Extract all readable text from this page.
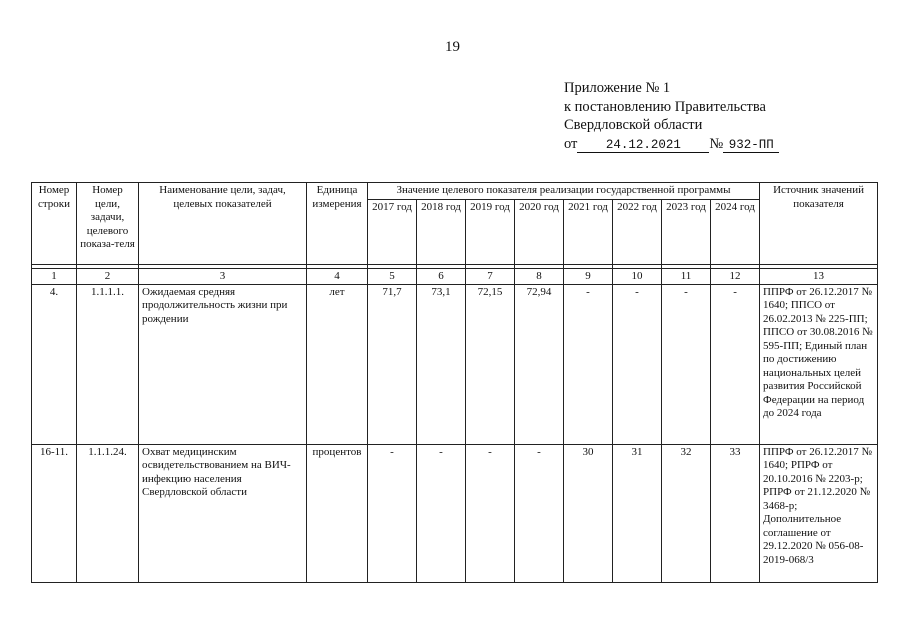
19
Приложение № 1
к постановлению Правительства
Свердловской области
от 24.12.2021 № 932-ПП
Номер строки	Номер цели, задачи, целевого показа-теля	Наименование цели, задач, целевых показателей	Единица измерения	Значение целевого показателя реализации государственной программы								Источник значений показателя
				2017 год	2018 год	2019 год	2020 год	2021 год	2022 год	2023 год	2024 год	

1	2	3	4	5	6	7	8	9	10	11	12	13
4.	1.1.1.1.	Ожидаемая средняя продолжительность жизни при рождении	лет	71,7	73,1	72,15	72,94	-	-	-	-	ППРФ от 26.12.2017 № 1640; ППСО от 26.02.2013 № 225-ПП; ППСО от 30.08.2016 № 595-ПП; Единый план по достижению национальных целей развития Российской Федерации на период до 2024 года
16-11.	1.1.1.24.	Охват медицинским освидетельствованием на ВИЧ-инфекцию населения Свердловской области	процентов	-	-	-	-	30	31	32	33	ППРФ от 26.12.2017 № 1640; РПРФ от 20.10.2016 № 2203-р; РПРФ от 21.12.2020 № 3468-р; Дополнительное соглашение от 29.12.2020 № 056-08-2019-068/3
